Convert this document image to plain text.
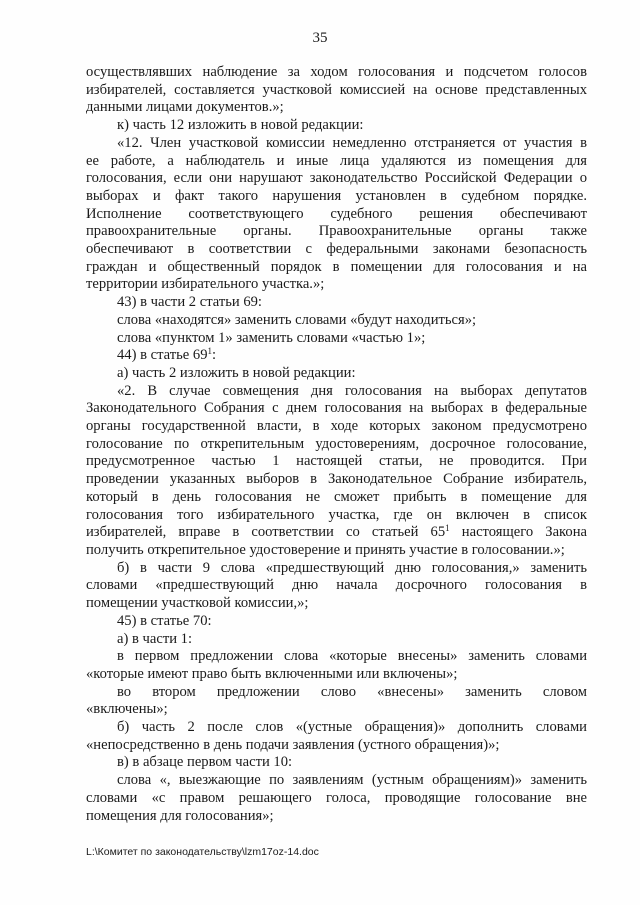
35
осуществлявших наблюдение за ходом голосования и подсчетом голосов
избирателей, составляется участковой комиссией на основе представленных
данными лицами документов.»;
к) часть 12 изложить в новой редакции:
«12. Член участковой комиссии немедленно отстраняется от участия в
ее работе, а наблюдатель и иные лица удаляются из помещения для
голосования, если они нарушают законодательство Российской Федерации о
выборах и факт такого нарушения установлен в судебном порядке.
Исполнение соответствующего судебного решения обеспечивают
правоохранительные органы. Правоохранительные органы также
обеспечивают в соответствии с федеральными законами безопасность
граждан и общественный порядок в помещении для голосования и на
территории избирательного участка.»;
43) в части 2 статьи 69:
слова «находятся» заменить словами «будут находиться»;
слова «пунктом 1» заменить словами «частью 1»;
44) в статье $69^1$:
а) часть 2 изложить в новой редакции:
«2. В случае совмещения дня голосования на выборах депутатов
Законодательного Собрания с днем голосования на выборах в федеральные
органы государственной власти, в ходе которых законом предусмотрено
голосование по открепительным удостоверениям, досрочное голосование,
предусмотренное частью 1 настоящей статьи, не проводится. При
проведении указанных выборов в Законодательное Собрание избиратель,
который в день голосования не сможет прибыть в помещение для
голосования того избирательного участка, где он включен в список
избирателей, вправе в соответствии со статьей $65^1$ настоящего Закона
получить открепительное удостоверение и принять участие в голосовании.»;
б) в части 9 слова «предшествующий дню голосования,» заменить
словами «предшествующий дню начала досрочного голосования в
помещении участковой комиссии,»;
45) в статье 70:
а) в части 1:
в первом предложении слова «которые внесены» заменить словами
«которые имеют право быть включенными или включены»;
во втором предложении слово «внесены» заменить словом
«включены»;
б) часть 2 после слов «(устные обращения)» дополнить словами
«непосредственно в день подачи заявления (устного обращения)»;
в) в абзаце первом части 10:
слова «, выезжающие по заявлениям (устным обращениям)» заменить
словами «с правом решающего голоса, проводящие голосование вне
помещения для голосования»;
L:\Комитет по законодательству\lzm17oz-14.doc
